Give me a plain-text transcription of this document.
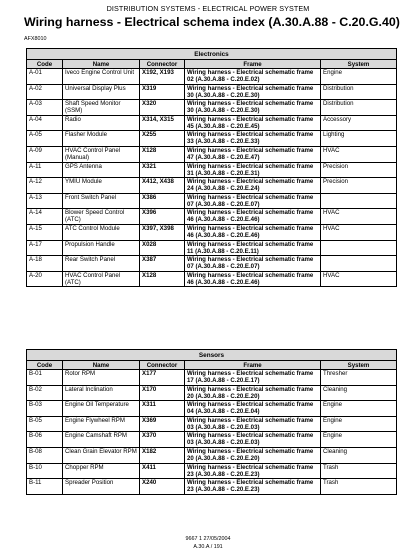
DISTRIBUTION SYSTEMS - ELECTRICAL POWER SYSTEM
Wiring harness - Electrical schema index (A.30.A.88 - C.20.G.40)
AFX8010
Electronics				
Code	Name	Connector	Frame	System
A-01	Iveco Engine Control Unit	X192, X193	Wiring harness - Electrical schematic frame 02 (A.30.A.88 - C.20.E.02)	Engine
A-02	Universal Display Plus	X319	Wiring harness - Electrical schematic frame 30 (A.30.A.88 - C.20.E.30)	Distribution
A-03	Shaft Speed Monitor (SSM)	X320	Wiring harness - Electrical schematic frame 30 (A.30.A.88 - C.20.E.30)	Distribution
A-04	Radio	X314, X315	Wiring harness - Electrical schematic frame 45 (A.30.A.88 - C.20.E.45)	Accessory
A-05	Flasher Module	X255	Wiring harness - Electrical schematic frame 33 (A.30.A.88 - C.20.E.33)	Lighting
A-09	HVAC Control Panel (Manual)	X128	Wiring harness - Electrical schematic frame 47 (A.30.A.88 - C.20.E.47)	HVAC
A-11	GPS Antenna	X321	Wiring harness - Electrical schematic frame 31 (A.30.A.88 - C.20.E.31)	Precision
A-12	YMIU Module	X412, X438	Wiring harness - Electrical schematic frame 24 (A.30.A.88 - C.20.E.24)	Precision
A-13	Front Switch Panel	X386	Wiring harness - Electrical schematic frame 07 (A.30.A.88 - C.20.E.07)	
A-14	Blower Speed Control (ATC)	X396	Wiring harness - Electrical schematic frame 46 (A.30.A.88 - C.20.E.46)	HVAC
A-15	ATC Control Module	X397, X398	Wiring harness - Electrical schematic frame 46 (A.30.A.88 - C.20.E.46)	HVAC
A-17	Propulsion Handle	X028	Wiring harness - Electrical schematic frame 11 (A.30.A.88 - C.20.E.11)	
A-18	Rear Switch Panel	X387	Wiring harness - Electrical schematic frame 07 (A.30.A.88 - C.20.E.07)	
A-20	HVAC Control Panel (ATC)	X128	Wiring harness - Electrical schematic frame 46 (A.30.A.88 - C.20.E.46)	HVAC
Sensors				
Code	Name	Connector	Frame	System
B-01	Rotor RPM	X177	Wiring harness - Electrical schematic frame 17 (A.30.A.88 - C.20.E.17)	Thresher
B-02	Lateral Inclination	X170	Wiring harness - Electrical schematic frame 20 (A.30.A.88 - C.20.E.20)	Cleaning
B-03	Engine Oil Temperature	X311	Wiring harness - Electrical schematic frame 04 (A.30.A.88 - C.20.E.04)	Engine
B-05	Engine Flywheel RPM	X369	Wiring harness - Electrical schematic frame 03 (A.30.A.88 - C.20.E.03)	Engine
B-06	Engine Camshaft RPM	X370	Wiring harness - Electrical schematic frame 03 (A.30.A.88 - C.20.E.03)	Engine
B-08	Clean Grain Elevator RPM	X182	Wiring harness - Electrical schematic frame 20 (A.30.A.88 - C.20.E.20)	Cleaning
B-10	Chopper RPM	X411	Wiring harness - Electrical schematic frame 23 (A.30.A.88 - C.20.E.23)	Trash
B-11	Spreader Position	X240	Wiring harness - Electrical schematic frame 23 (A.30.A.88 - C.20.E.23)	Trash
9667 1 27/05/2004
A.30.A / 191
